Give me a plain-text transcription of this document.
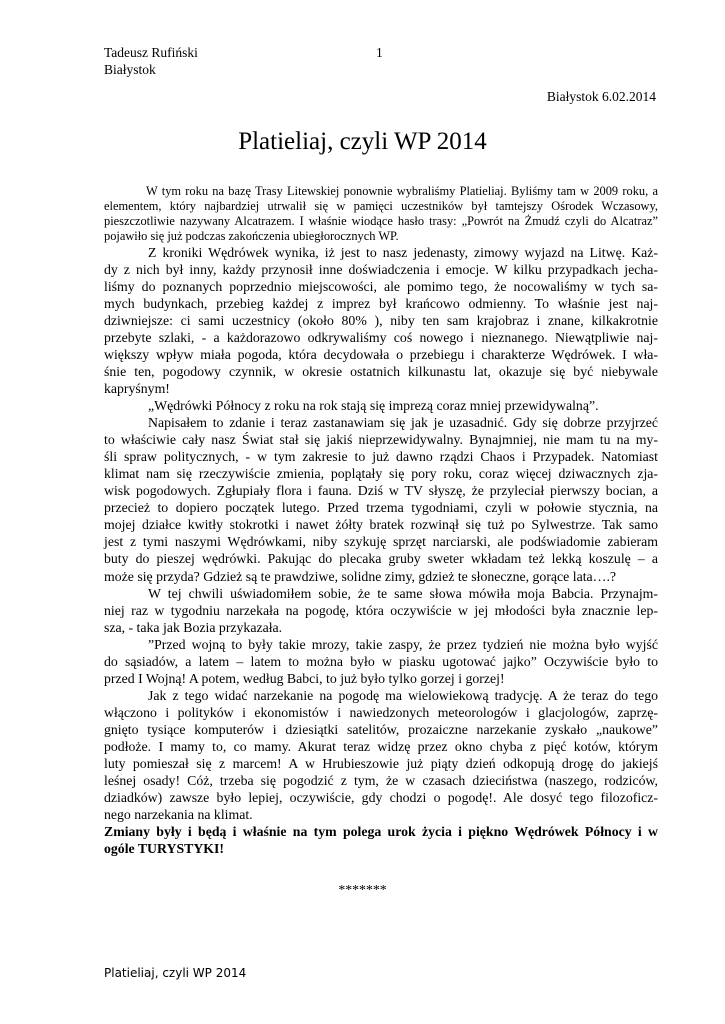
Tadeusz Rufiński
Białystok
1
Białystok 6.02.2014
Platieliaj, czyli WP 2014

W tym roku na bazę Trasy Litewskiej ponownie wybraliśmy Platieliaj. Byliśmy tam w 2009 roku, a elementem, który najbardziej utrwalił się w pamięci uczestników był tamtejszy Ośrodek Wczasowy, pieszczotliwie nazywany Alcatrazem. I właśnie wiodące hasło trasy: „Powrót na Żmudź czyli do Alcatraz” pojawiło się już podczas zakończenia ubiegłorocznych WP.

Z kroniki Wędrówek wynika, iż jest to nasz jedenasty, zimowy wyjazd na Litwę. Każ-
dy z nich był inny, każdy przynosił inne doświadczenia i emocje. W kilku przypadkach jecha-
liśmy do poznanych poprzednio miejscowości, ale pomimo tego, że nocowaliśmy w tych sa-
mych budynkach, przebieg każdej z imprez był krańcowo odmienny. To właśnie jest naj-
dziwniejsze: ci sami uczestnicy (około 80% ), niby ten sam krajobraz i znane, kilkakrotnie
przebyte szlaki, - a każdorazowo odkrywaliśmy coś nowego i nieznanego. Niewątpliwie naj-
większy wpływ miała pogoda, która decydowała o przebiegu i charakterze Wędrówek. I wła-
śnie ten, pogodowy czynnik, w okresie ostatnich kilkunastu lat, okazuje się być niebywale
kapryśnym!
„Wędrówki Północy z roku na rok stają się imprezą coraz mniej przewidywalną”.
Napisałem to zdanie i teraz zastanawiam się jak je uzasadnić. Gdy się dobrze przyjrzeć
to właściwie cały nasz Świat stał się jakiś nieprzewidywalny. Bynajmniej, nie mam tu na my-
śli spraw politycznych, - w tym zakresie to już dawno rządzi Chaos i Przypadek. Natomiast
klimat nam się rzeczywiście zmienia, poplątały się pory roku, coraz więcej dziwacznych zja-
wisk pogodowych. Zgłupiały flora i fauna. Dziś w TV słyszę, że przyleciał pierwszy bocian, a
przecież to dopiero początek lutego. Przed trzema tygodniami, czyli w połowie stycznia, na
mojej działce kwitły stokrotki i nawet żółty bratek rozwinął się tuż po Sylwestrze. Tak samo
jest z tymi naszymi Wędrówkami, niby szykuję sprzęt narciarski, ale podświadomie zabieram
buty do pieszej wędrówki. Pakując do plecaka gruby sweter wkładam też lekką koszulę – a
może się przyda? Gdzież są te prawdziwe, solidne zimy, gdzież te słoneczne, gorące lata….?
W tej chwili uświadomiłem sobie, że te same słowa mówiła moja Babcia. Przynajm-
niej raz w tygodniu narzekała na pogodę, która oczywiście w jej młodości była znacznie lep-
sza, - taka jak Bozia przykazała.
”Przed wojną to były takie mrozy, takie zaspy, że przez tydzień nie można było wyjść
do sąsiadów, a latem – latem to można było w piasku ugotować jajko” Oczywiście było to
przed I Wojną! A potem, według Babci, to już było tylko gorzej i gorzej!
Jak z tego widać narzekanie na pogodę ma wielowiekową tradycję. A że teraz do tego
włączono i polityków i ekonomistów i nawiedzonych meteorologów i glacjologów, zaprzę-
gnięto tysiące komputerów i dziesiątki satelitów, prozaiczne narzekanie zyskało „naukowe”
podłoże. I mamy to, co mamy. Akurat teraz widzę przez okno chyba z pięć kotów, którym
luty pomieszał się z marcem! A w Hrubieszowie już piąty dzień odkopują drogę do jakiejś
leśnej osady! Cóż, trzeba się pogodzić z tym, że w czasach dzieciństwa (naszego, rodziców,
dziadków) zawsze było lepiej, oczywiście, gdy chodzi o pogodę!. Ale dosyć tego filozoficz-
nego narzekania na klimat.
Zmiany były i będą i właśnie na tym polega urok życia i piękno Wędrówek Północy i w
ogóle TURYSTYKI!
*******
Platieliaj, czyli WP 2014
